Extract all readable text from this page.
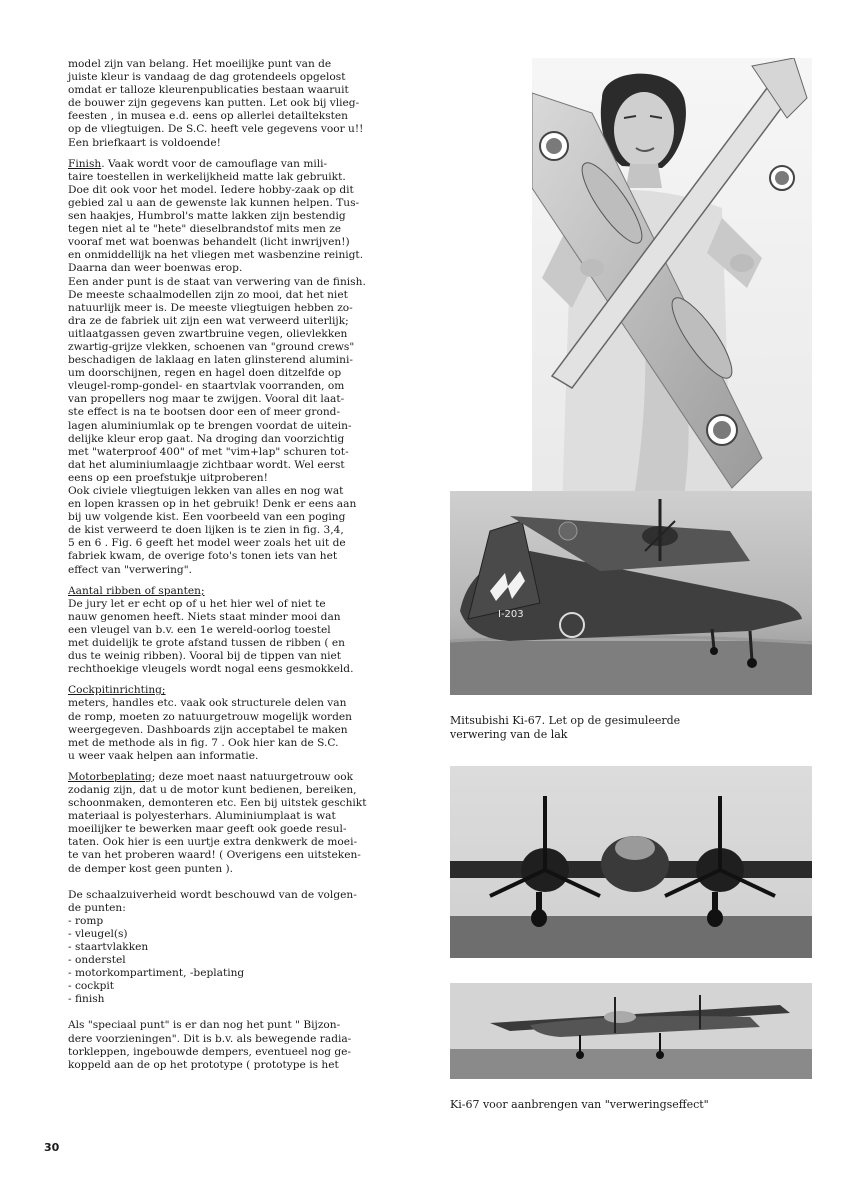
model zijn van belang. Het moeilijke punt van de

juiste kleur is vandaag de dag grotendeels opgelost

omdat er talloze kleurenpublicaties bestaan waaruit

de bouwer zijn gegevens kan putten. Let ook bij vlieg-

feesten , in musea e.d. eens op allerlei detailteksten

op de vliegtuigen. De S.C. heeft vele gegevens voor u!!

Een briefkaart is voldoende!

Finish. Vaak wordt voor de camouflage van mili-

taire toestellen in werkelijkheid matte lak gebruikt.

Doe dit ook voor het model. Iedere hobby-zaak op dit

gebied zal u aan de gewenste lak kunnen helpen. Tus-

sen haakjes, Humbrol's matte lakken zijn bestendig

tegen niet al te "hete" dieselbrandstof mits men ze

vooraf met wat boenwas behandelt (licht inwrijven!)

en onmiddellijk na het vliegen met wasbenzine reinigt.

Daarna dan weer boenwas erop.

Een ander punt is de staat van verwering van de finish.

De meeste schaalmodellen zijn zo mooi, dat het niet

natuurlijk meer is. De meeste vliegtuigen hebben zo-

dra ze de fabriek uit zijn een wat verweerd uiterlijk;

uitlaatgassen geven zwartbruine vegen, olievlekken

zwartig-grijze vlekken, schoenen van "ground crews"

beschadigen de laklaag en laten glinsterend alumini-

um doorschijnen, regen en hagel doen ditzelfde op

vleugel-romp-gondel- en staartvlak voorranden, om

van propellers nog maar te zwijgen. Vooral dit laat-

ste effect is na te bootsen door een of meer grond-

lagen aluminiumlak op te brengen voordat de uitein-

delijke kleur erop gaat. Na droging dan voorzichtig

met "waterproof 400" of met "vim+lap" schuren tot-

dat het aluminiumlaagje zichtbaar wordt. Wel eerst

eens op een proefstukje uitproberen!

Ook civiele vliegtuigen lekken van alles en nog wat

en lopen krassen op in het gebruik! Denk er eens aan

bij uw volgende kist. Een voorbeeld van een poging

de kist verweerd te doen lijken is te zien in fig. 3,4,

5 en 6 . Fig. 6 geeft het model weer zoals het uit de

fabriek kwam, de overige foto's tonen iets van het

effect van "verwering".

Aantal ribben of spanten;

De jury let er echt op of u het hier wel of niet te

nauw genomen heeft. Niets staat minder mooi dan

een vleugel van b.v. een 1e wereld-oorlog toestel

met duidelijk te grote afstand tussen de ribben ( en

dus te weinig ribben). Vooral bij de tippen van niet

rechthoekige vleugels wordt nogal eens gesmokkeld.

Cockpitinrichting;

meters, handles etc. vaak ook structurele delen van

de romp, moeten zo natuurgetrouw mogelijk worden

weergegeven. Dashboards zijn acceptabel te maken

met de methode als in fig. 7 . Ook hier kan de S.C.

u weer vaak helpen aan informatie.

Motorbeplating; deze moet naast natuurgetrouw ook

zodanig zijn, dat u de motor kunt bedienen, bereiken,

schoonmaken, demonteren etc. Een bij uitstek geschikt

materiaal is polyesterhars. Aluminiumplaat is wat

moeilijker te bewerken maar geeft ook goede resul-

taten. Ook hier is een uurtje extra denkwerk de moei-

te van het proberen waard! ( Overigens een uitsteken-

de demper kost geen punten ).

De schaalzuiverheid wordt beschouwd van de volgen-

de punten:

- romp
- vleugel(s)
- staartvlakken
- onderstel
- motorkompartiment, -beplating
- cockpit
- finish

Als "speciaal punt" is er dan nog het punt " Bijzon-

dere voorzieningen". Dit is b.v. als bewegende radia-

torkleppen, ingebouwde dempers, eventueel nog ge-

koppeld aan de op het prototype ( prototype is het

I-203
Mitsubishi Ki-67. Let op de gesimuleerde
verwering van de lak
Ki-67 voor aanbrengen van "verweringseffect"
30
